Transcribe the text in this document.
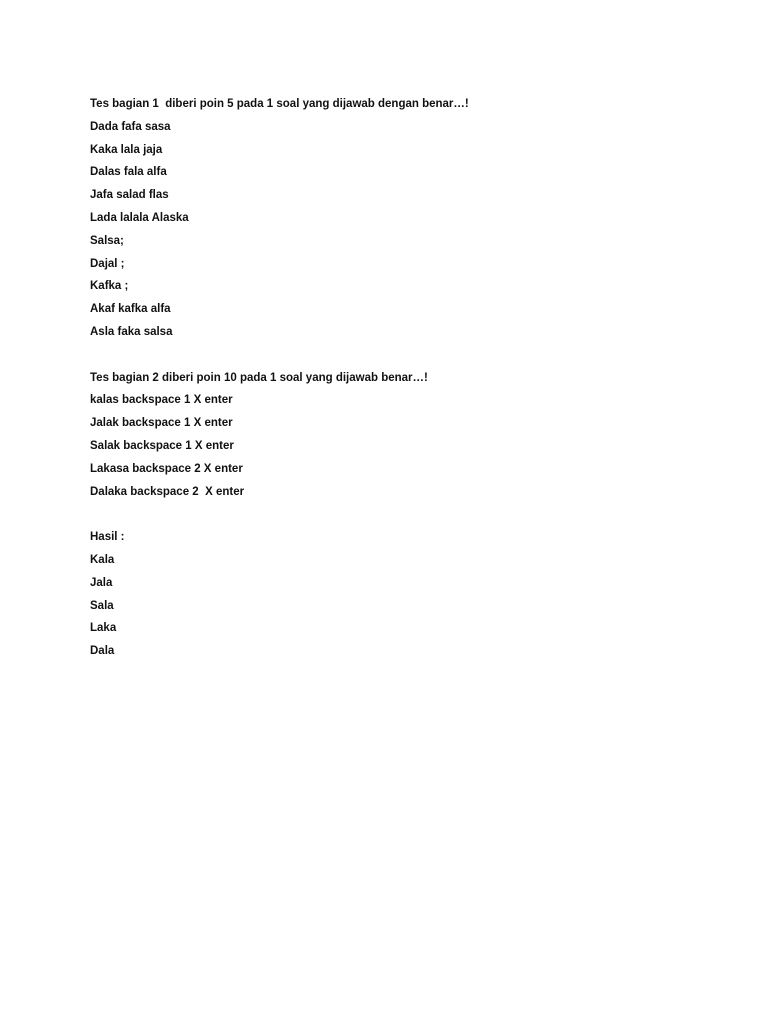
Tes bagian 1  diberi poin 5 pada 1 soal yang dijawab dengan benar…!
Dada fafa sasa
Kaka lala jaja
Dalas fala alfa
Jafa salad flas
Lada lalala Alaska
Salsa;
Dajal ;
Kafka ;
Akaf kafka alfa
Asla faka salsa
Tes bagian 2 diberi poin 10 pada 1 soal yang dijawab benar…!
kalas backspace 1 X enter
Jalak backspace 1 X enter
Salak backspace 1 X enter
Lakasa backspace 2 X enter
Dalaka backspace 2  X enter
Hasil :
Kala
Jala
Sala
Laka
Dala
